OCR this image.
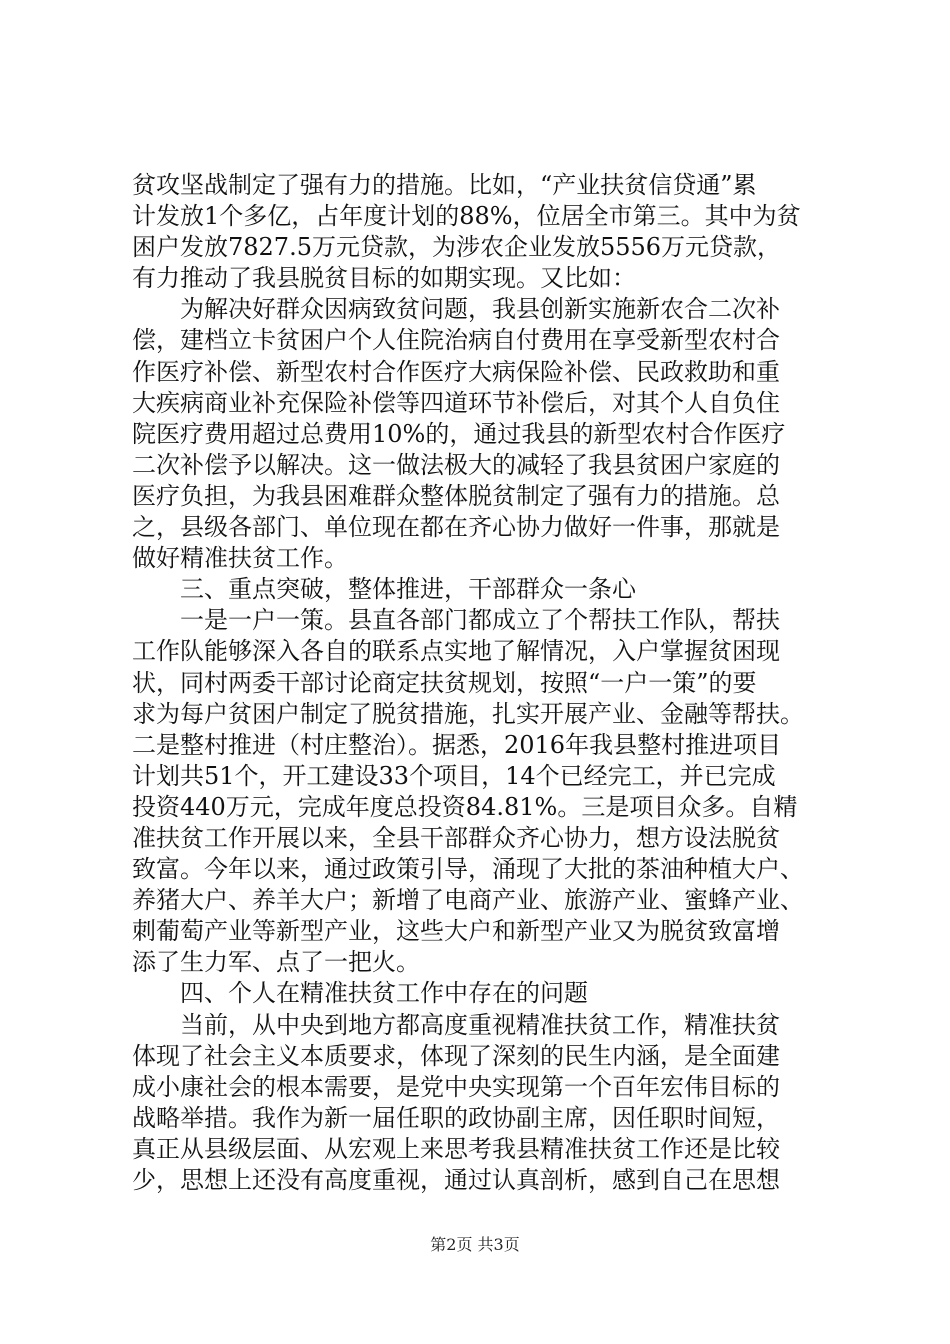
贫攻坚战制定了强有力的措施。比如，“产业扶贫信贷通”累
计发放1个多亿，占年度计划的88%，位居全市第三。其中为贫
困户发放7827.5万元贷款，为涉农企业发放5556万元贷款，
有力推动了我县脱贫目标的如期实现。又比如：
为解决好群众因病致贫问题，我县创新实施新农合二次补
偿，建档立卡贫困户个人住院治病自付费用在享受新型农村合
作医疗补偿、新型农村合作医疗大病保险补偿、民政救助和重
大疾病商业补充保险补偿等四道环节补偿后，对其个人自负住
院医疗费用超过总费用10%的，通过我县的新型农村合作医疗
二次补偿予以解决。这一做法极大的减轻了我县贫困户家庭的
医疗负担，为我县困难群众整体脱贫制定了强有力的措施。总
之，县级各部门、单位现在都在齐心协力做好一件事，那就是
做好精准扶贫工作。
三、重点突破，整体推进，干部群众一条心
一是一户一策。县直各部门都成立了个帮扶工作队，帮扶
工作队能够深入各自的联系点实地了解情况，入户掌握贫困现
状，同村两委干部讨论商定扶贫规划，按照“一户一策”的要
求为每户贫困户制定了脱贫措施，扎实开展产业、金融等帮扶。
二是整村推进（村庄整治）。据悉，2016年我县整村推进项目
计划共51个，开工建设33个项目，14个已经完工，并已完成
投资440万元，完成年度总投资84.81%。三是项目众多。自精
准扶贫工作开展以来，全县干部群众齐心协力，想方设法脱贫
致富。今年以来，通过政策引导，涌现了大批的茶油种植大户、
养猪大户、养羊大户；新增了电商产业、旅游产业、蜜蜂产业、
刺葡萄产业等新型产业，这些大户和新型产业又为脱贫致富增
添了生力军、点了一把火。
四、个人在精准扶贫工作中存在的问题
当前，从中央到地方都高度重视精准扶贫工作，精准扶贫
体现了社会主义本质要求，体现了深刻的民生内涵，是全面建
成小康社会的根本需要，是党中央实现第一个百年宏伟目标的
战略举措。我作为新一届任职的政协副主席，因任职时间短，
真正从县级层面、从宏观上来思考我县精准扶贫工作还是比较
少，思想上还没有高度重视，通过认真剖析，感到自己在思想
第2页 共3页
